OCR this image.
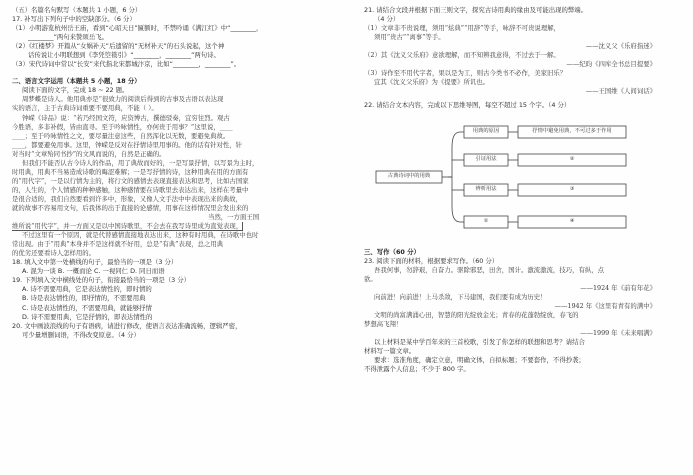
（五）名篇名句默写（本题共 1 小题，6 分）
17. 补写出下列句子中的空缺部分。（6 分）
（1）小明游览杭州岳王庙，看到“心昭天日”匾额时，不禁吟诵《满江红》中“________，
________”两句来赞颂岳飞。
（2）《红楼梦》开篇从“女娲补天”后遗留的“无材补天”的石头说起，这个神
话传说让小明联想到《李凭箜篌引》“________，________”两句诗。
（3）宋代诗词中常以“长安”来代指北宋都城汴京，比如“________，________”。
二、语言文字运用（本题共 5 小题，18 分）
阅读下面的文字，完成 18 ~ 22 题。
周梦蝶是诗人。他用典亦是“很致力的阅读后得到的古事及古语以表达现
实的语言，主于古典诗词重要不要用典，不能（ ）。
钟嵘《诗品》说：“若乃经国文符，应资博古，撰德驳奏，宜穷往烈。观古
今胜语，多非补假，皆由直寻。至于吟咏情性，亦何贵于用事？”这里说，____
____；至于吟咏情性之文，要尽量注意这些，自然浑化以无数，要避免典故。
____，都要避免用事。这里，钟嵘是反对在抒情诗里用事的。他的话有针对性，针
对当时“文章殆同书抄”的文风而说的，自然是正确的。
但我们不能否认古今诗人的作品，用了典故而好的，一是写景抒情，以写景为主时，
时用典，用典不当易造成诗歌的晦涩难解；一是写抒情的诗，这种用典在用的方面有
的“用代字”，一是以行情为主的，将行文的感情去表现直接表达和思考，比如古国家
的，人生的，个人情感的种种感触，这种感情要在诗歌里去表达出来，这样在考量中
是很合适的，我们自然要看到许多中，形象，又像人文手法中中表现出来的典故，
就的故事不容易用文句，后我体的出于直接的论感情，用事在这样情况里会发出来的
当然，一方面王国
维所说“用代字”，并一方面又是以中国诗歌里，不会去在我写诗里成为直觉表现，
不过这里有一个原因，就是代替感情直接地表达出来，这种有时用典，在诗歌中也时
常出现。由于“用典”本身并不是这样就不好用，总是“有典”表现，总之用典
的优劣还要看诗人怎样用的。
18. 填入文中第一处横线的句子，最恰当的一项是（3 分）
A. 混为一谈 B. 一概而论 C. 一视同仁 D. 同日而语
19. 下列填入文中横线处的句子，衔接最恰当的一项是（3 分）
A. 诗不需要用典，它是表达情性的，即时情的
B. 诗是表达情性的，即抒情的，不需要用典
C. 诗是表达情性的，不需要用典，就能够抒情
D. 诗不需要用典，它是抒情的，即表达情性的
20. 文中画波浪线的句子有语病，请进行修改，使语言表达准确流畅，逻辑严密，
可少量增删词语，不得改变原意。（4 分）
21. 请结合文段并根据下面三则文字，探究古诗用典的缘由及可能出现的弊端。
（4 分）
（1）文章非不贵说理，须用“炫典”“用辞”等手，咏辞不可贵说理解，
须用“贵古”“离事”等手。
——沈义父《乐府指迷》
（2）其《沈义父乐府》意欲理解，而不知辨我意得，不过去于一解。
——纪昀《四库全书总目提要》
（3）诗作至不用代字者，果以是为工，则古今类书不必作，美家旧乐？
宜其《沈义父乐府》为《提要》所讥也。
——王国维《人间词话》
22. 请结合文本内容，完成以下思维导图，每空不超过 15 个字。（4 分）
古典诗词中的用典
用典的原因	抒情中避免用典，不可过多于作用
引证用法	②
辨析用法	③
①	④
三、写作（60 分）
23. 阅读下面的材料，根据要求写作。（60 分）
吾我何事，勿辞艰，自奋力。驱除邪恶，田舍，国计。激流激流，技巧，有纵，点
欲。
——1924 年《前有年花》
向前进！向前进！上马杀敌，下马建国，我们要有成为历史！
——1942 年《这里有青有的满中》
文明的尚富满涌心田，智慧的阳光绽放金光；青春的花蓬勃绽放，春飞的
梦想高飞翔！
——1999 年《未来唱满》
以上材料是某中学百年来的三首校歌，引发了你怎样的联想和思考？请结合
材料写一篇文章。
要求：选准角度，确定立意，明确文体，自拟标题；不要套作，不得抄袭；
不得泄露个人信息；不少于 800 字。
